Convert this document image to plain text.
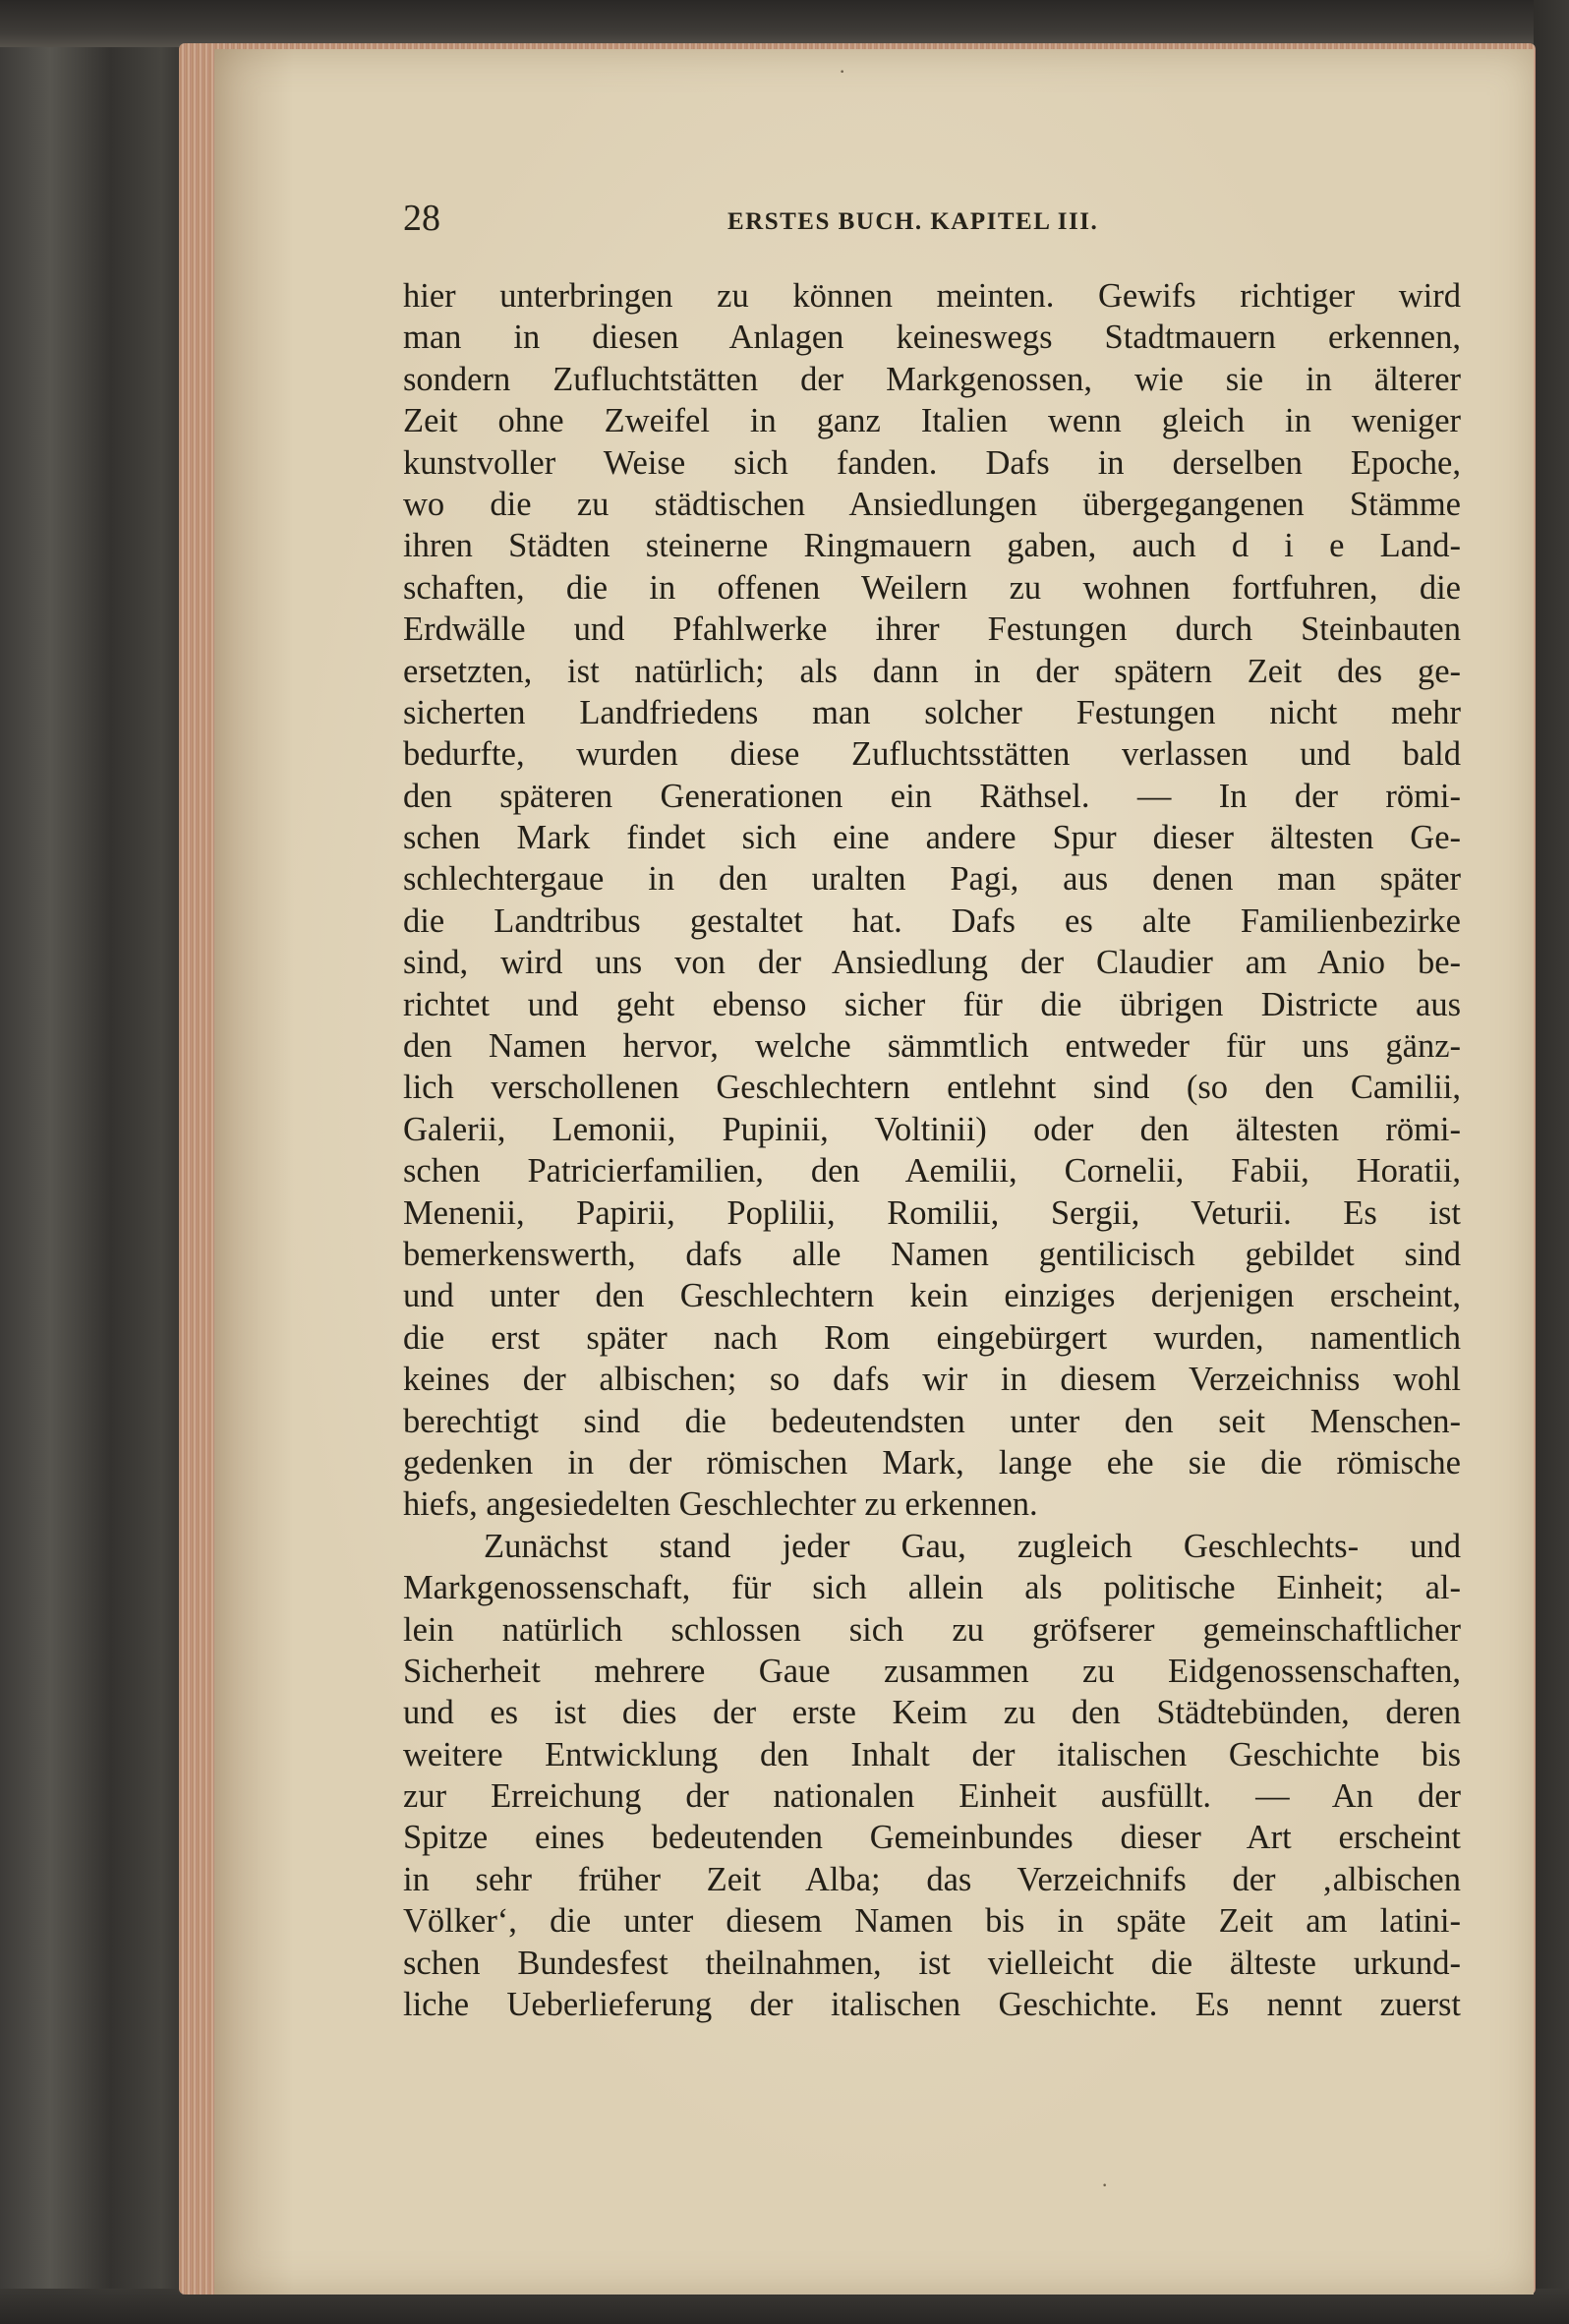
·
·
28	ERSTES BUCH. KAPITEL III.
hier unterbringen zu können meinten. Gewifs richtiger wird
man in diesen Anlagen keineswegs Stadtmauern erkennen,
sondern Zufluchtstätten der Markgenossen, wie sie in älterer
Zeit ohne Zweifel in ganz Italien wenn gleich in weniger
kunstvoller Weise sich fanden. Dafs in derselben Epoche,
wo die zu städtischen Ansiedlungen übergegangenen Stämme
ihren Städten steinerne Ringmauern gaben, auch d i e Land-
schaften, die in offenen Weilern zu wohnen fortfuhren, die
Erdwälle und Pfahlwerke ihrer Festungen durch Steinbauten
ersetzten, ist natürlich; als dann in der spätern Zeit des ge-
sicherten Landfriedens man solcher Festungen nicht mehr
bedurfte, wurden diese Zufluchtsstätten verlassen und bald
den späteren Generationen ein Räthsel. — In der römi-
schen Mark findet sich eine andere Spur dieser ältesten Ge-
schlechtergaue in den uralten Pagi, aus denen man später
die Landtribus gestaltet hat. Dafs es alte Familienbezirke
sind, wird uns von der Ansiedlung der Claudier am Anio be-
richtet und geht ebenso sicher für die übrigen Districte aus
den Namen hervor, welche sämmtlich entweder für uns gänz-
lich verschollenen Geschlechtern entlehnt sind (so den Camilii,
Galerii, Lemonii, Pupinii, Voltinii) oder den ältesten römi-
schen Patricierfamilien, den Aemilii, Cornelii, Fabii, Horatii,
Menenii, Papirii, Poplilii, Romilii, Sergii, Veturii. Es ist
bemerkenswerth, dafs alle Namen gentilicisch gebildet sind
und unter den Geschlechtern kein einziges derjenigen erscheint,
die erst später nach Rom eingebürgert wurden, namentlich
keines der albischen; so dafs wir in diesem Verzeichniss wohl
berechtigt sind die bedeutendsten unter den seit Menschen-
gedenken in der römischen Mark, lange ehe sie die römische
hiefs, angesiedelten Geschlechter zu erkennen.
Zunächst stand jeder Gau, zugleich Geschlechts- und
Markgenossenschaft, für sich allein als politische Einheit; al-
lein natürlich schlossen sich zu gröfserer gemeinschaftlicher
Sicherheit mehrere Gaue zusammen zu Eidgenossenschaften,
und es ist dies der erste Keim zu den Städtebünden, deren
weitere Entwicklung den Inhalt der italischen Geschichte bis
zur Erreichung der nationalen Einheit ausfüllt. — An der
Spitze eines bedeutenden Gemeinbundes dieser Art erscheint
in sehr früher Zeit Alba; das Verzeichnifs der ‚albischen
Völker‘, die unter diesem Namen bis in späte Zeit am latini-
schen Bundesfest theilnahmen, ist vielleicht die älteste urkund-
liche Ueberlieferung der italischen Geschichte. Es nennt zuerst
